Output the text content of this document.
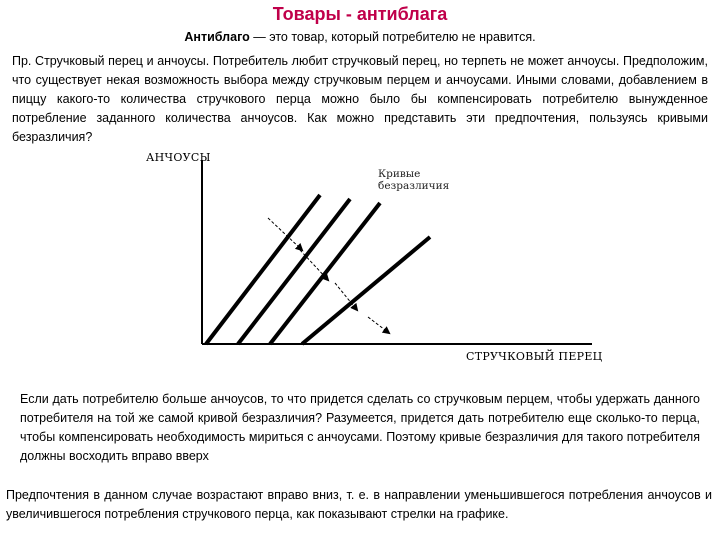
Товары - антиблага
Антиблаго — это товар, который потребителю не нравится.
Пр. Стручковый перец и анчоусы. Потребитель любит стручковый перец, но терпеть не может анчоусы. Предположим, что существует некая возможность выбора между стручковым перцем и анчоусами. Иными словами, добавлением в пиццу какого-то количества стручкового перца можно было бы компенсировать потребителю вынужденное потребление заданного количества анчоусов. Как можно представить эти предпочтения, пользуясь кривыми безразличия?
АНЧОУСЫ
СТРУЧКОВЫЙ ПЕРЕЦ
Кривые
безразличия
Если дать потребителю больше анчоусов, то что придется сделать со стручковым перцем, чтобы удержать данного потребителя на той же самой кривой безразличия? Разумеется, придется дать потребителю еще сколько-то перца, чтобы компенсировать необходимость мириться с анчоусами. Поэтому кривые безразличия для такого потребителя должны восходить вправо вверх
Предпочтения в данном случае возрастают вправо вниз, т. е. в направлении уменьшившегося потребления анчоусов и увеличившегося потребления стручкового перца, как показывают стрелки на графике.
